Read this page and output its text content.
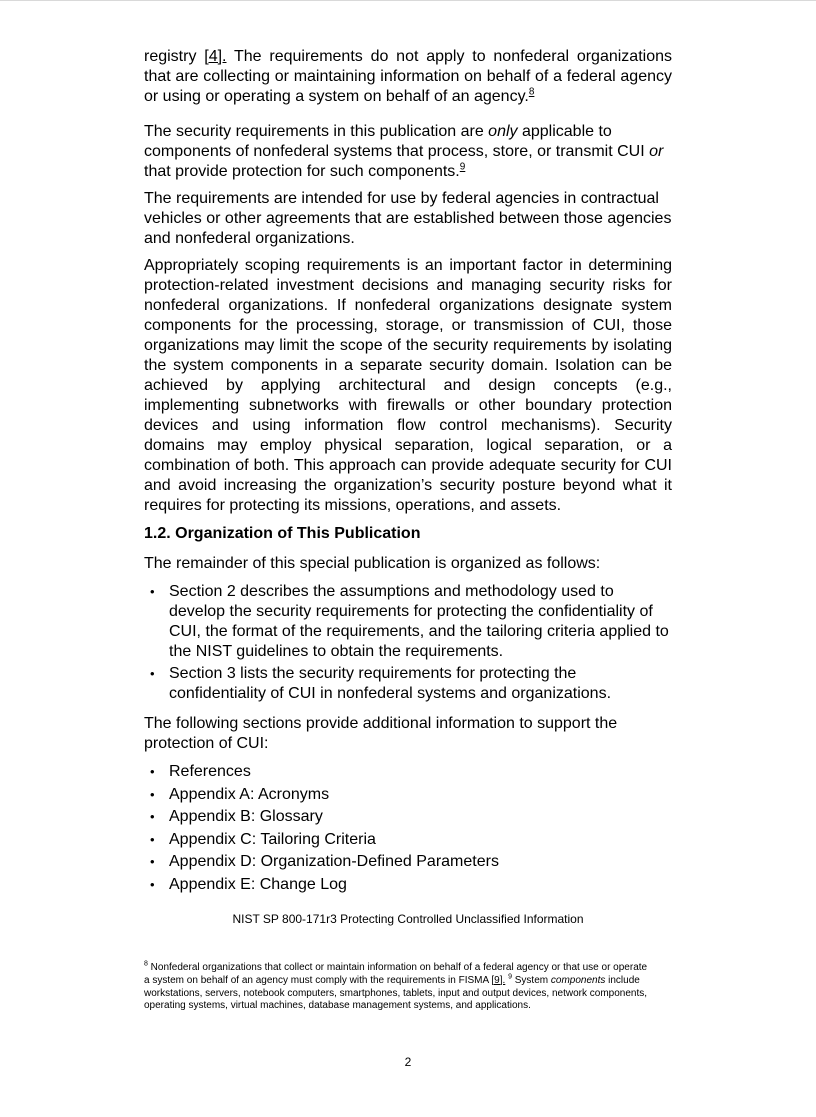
registry [4]. The requirements do not apply to nonfederal organizations that are collecting or maintaining information on behalf of a federal agency or using or operating a system on behalf of an agency.$^8$

The security requirements in this publication are only applicable to components of nonfederal systems that process, store, or transmit CUI or that provide protection for such components.$^9$

The requirements are intended for use by federal agencies in contractual vehicles or other agreements that are established between those agencies and nonfederal organizations.

Appropriately scoping requirements is an important factor in determining protection-related investment decisions and managing security risks for nonfederal organizations. If nonfederal organizations designate system components for the processing, storage, or transmission of CUI, those organizations may limit the scope of the security requirements by isolating the system components in a separate security domain. Isolation can be achieved by applying architectural and design concepts (e.g., implementing subnetworks with firewalls or other boundary protection devices and using information flow control mechanisms). Security domains may employ physical separation, logical separation, or a combination of both. This approach can provide adequate security for CUI and avoid increasing the organization’s security posture beyond what it requires for protecting its missions, operations, and assets.

1.2. Organization of This Publication

The remainder of this special publication is organized as follows:

• Section 2 describes the assumptions and methodology used to develop the security requirements for protecting the confidentiality of CUI, the format of the requirements, and the tailoring criteria applied to the NIST guidelines to obtain the requirements.
• Section 3 lists the security requirements for protecting the confidentiality of CUI in nonfederal systems and organizations.

The following sections provide additional information to support the protection of CUI:

• References
• Appendix A: Acronyms
• Appendix B: Glossary
• Appendix C: Tailoring Criteria
• Appendix D: Organization-Defined Parameters
• Appendix E: Change Log
NIST SP 800-171r3 Protecting Controlled Unclassified Information
$^8$ Nonfederal organizations that collect or maintain information on behalf of a federal agency or that use or operate a system on behalf of an agency must comply with the requirements in FISMA [9]. $^9$ System components include workstations, servers, notebook computers, smartphones, tablets, input and output devices, network components, operating systems, virtual machines, database management systems, and applications.
2
